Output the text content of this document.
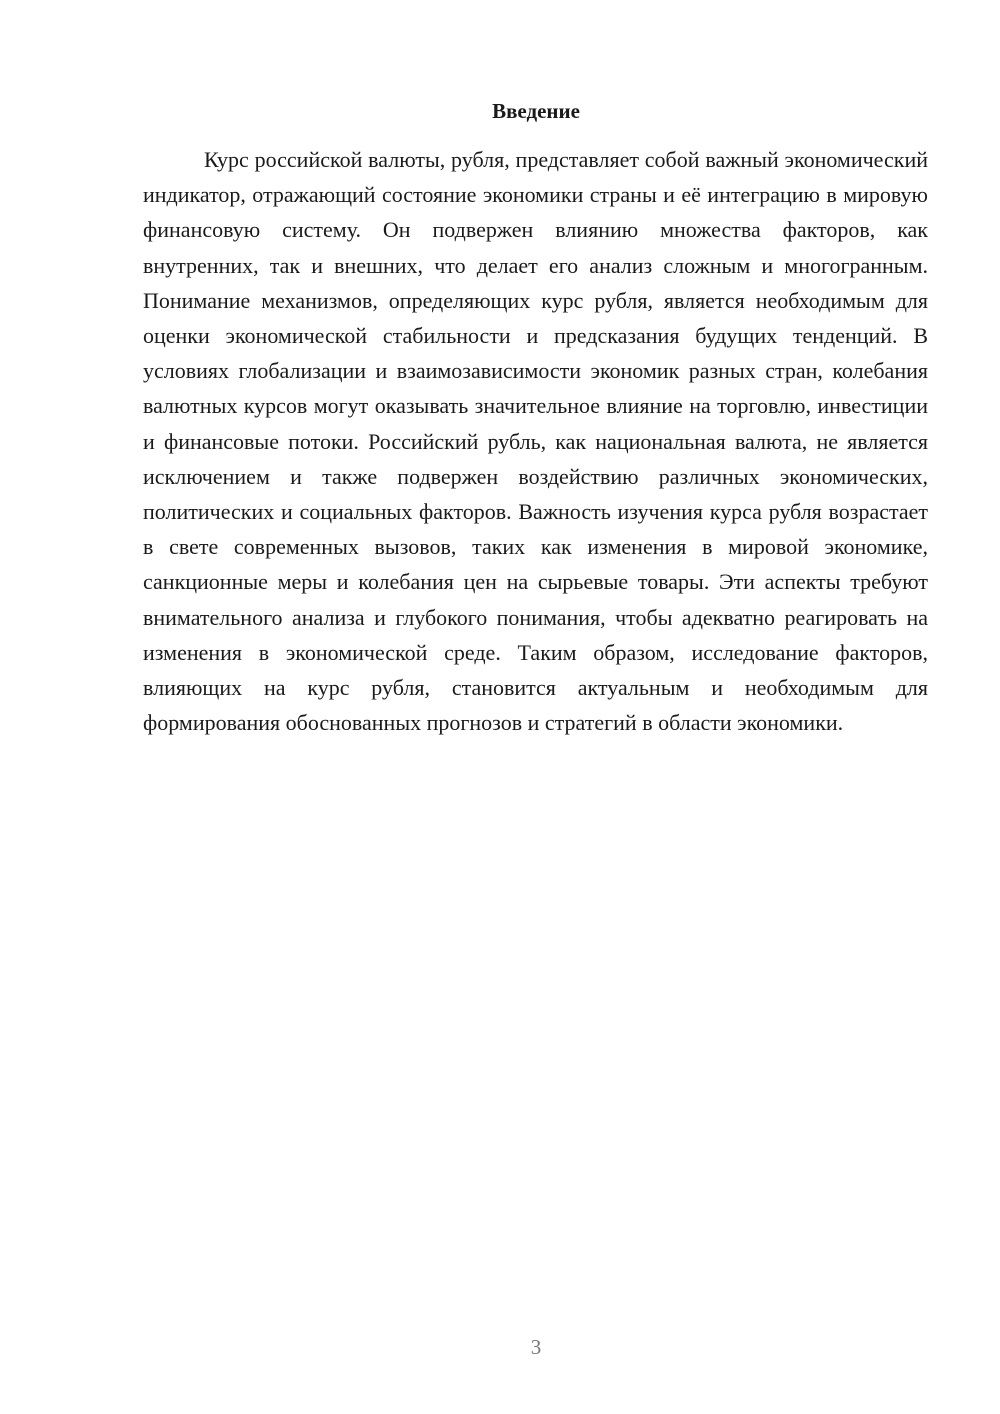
Введение

Курс российской валюты, рубля, представляет собой важный экономический индикатор, отражающий состояние экономики страны и её интеграцию в мировую финансовую систему. Он подвержен влиянию множества факторов, как внутренних, так и внешних, что делает его анализ сложным и многогранным. Понимание механизмов, определяющих курс рубля, является необходимым для оценки экономической стабильности и предсказания будущих тенденций. В условиях глобализации и взаимозависимости экономик разных стран, колебания валютных курсов могут оказывать значительное влияние на торговлю, инвестиции и финансовые потоки. Российский рубль, как национальная валюта, не является исключением и также подвержен воздействию различных экономических, политических и социальных факторов. Важность изучения курса рубля возрастает в свете современных вызовов, таких как изменения в мировой экономике, санкционные меры и колебания цен на сырьевые товары. Эти аспекты требуют внимательного анализа и глубокого понимания, чтобы адекватно реагировать на изменения в экономической среде. Таким образом, исследование факторов, влияющих на курс рубля, становится актуальным и необходимым для формирования обоснованных прогнозов и стратегий в области экономики.

3
